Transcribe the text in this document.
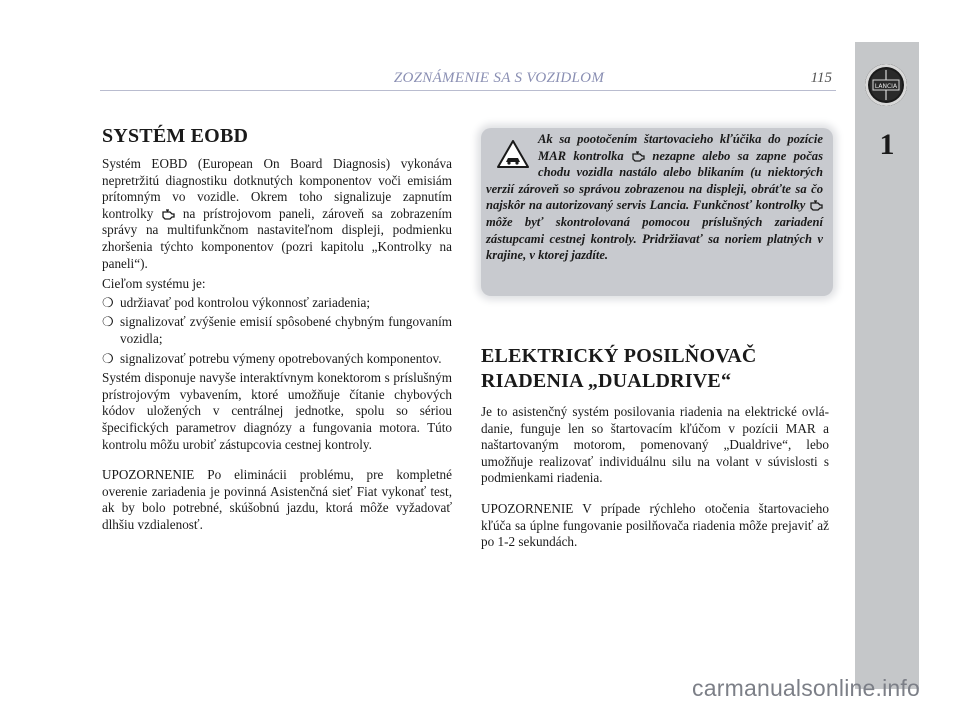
ZOZNÁMENIE SA S VOZIDLOM	115
LANCIA
1
SYSTÉM EOBD

Systém EOBD (European On Board Diagnosis) vykonáva nepretržitú diagnostiku dotknutých komponentov voči emisiám prítomným vo vozidle. Okrem toho signalizuje zapnutím kontrolky na prístrojovom paneli, zároveň sa zobrazením správy na multifunkčnom nastaviteľnom displeji, podmienku zhoršenia týchto komponentov (pozri kapitolu „Kontrolky na paneli“).

Cieľom systému je:

❍ udržiavať pod kontrolou výkonnosť zariadenia;
❍ signalizovať zvýšenie emisií spôsobené chybným fungovaním vozidla;
❍ signalizovať potrebu výmeny opotrebovaných komponentov.

Systém disponuje navyše interaktívnym konektorom s príslušným prístrojovým vybavením, ktoré umožňuje čítanie chybových kódov uložených v centrálnej jednotke, spolu so sériou špecifických parametrov diagnózy a fungovania motora. Túto kontrolu môžu urobiť zástupcovia cestnej kontroly.

UPOZORNENIE Po eliminácii problému, pre kompletné overenie zariadenia je povinná Asistenčná sieť Fiat vykonať test, ak by bolo potrebné, skúšobnú jazdu, ktorá môže vyžadovať dlhšiu vzdialenosť.

Ak sa pootočením štartovacieho kľúčika do pozície MAR kontrolka nezapne alebo sa zapne počas chodu vozidla nastálo alebo blikaním (u niektorých verzií zároveň so správou zobrazenou na displeji, obráťte sa čo najskôr na autorizovaný servis Lancia. Funkčnosť kontrolky  môže byť skontrolovaná pomocou príslušných zariadení zástupcami cestnej kontroly. Pridržiavať sa noriem platných v krajine, v ktorej jazdíte.
ELEKTRICKÝ POSILŇOVAČ
RIADENIA „DUALDRIVE“

Je to asistenčný systém posilovania riadenia na elektrické ovládanie, funguje len so štartovacím kľúčom v pozícii MAR a naštartovaným motorom, pomenovaný „Dualdrive“, lebo umožňuje realizovať individuálnu silu na volant v súvislosti s podmienkami riadenia.

UPOZORNENIE V prípade rýchleho otočenia štartovacieho kľúča sa úplne fungovanie posilňovača riadenia môže prejaviť až po 1-2 sekundách.

carmanualsonline.info
